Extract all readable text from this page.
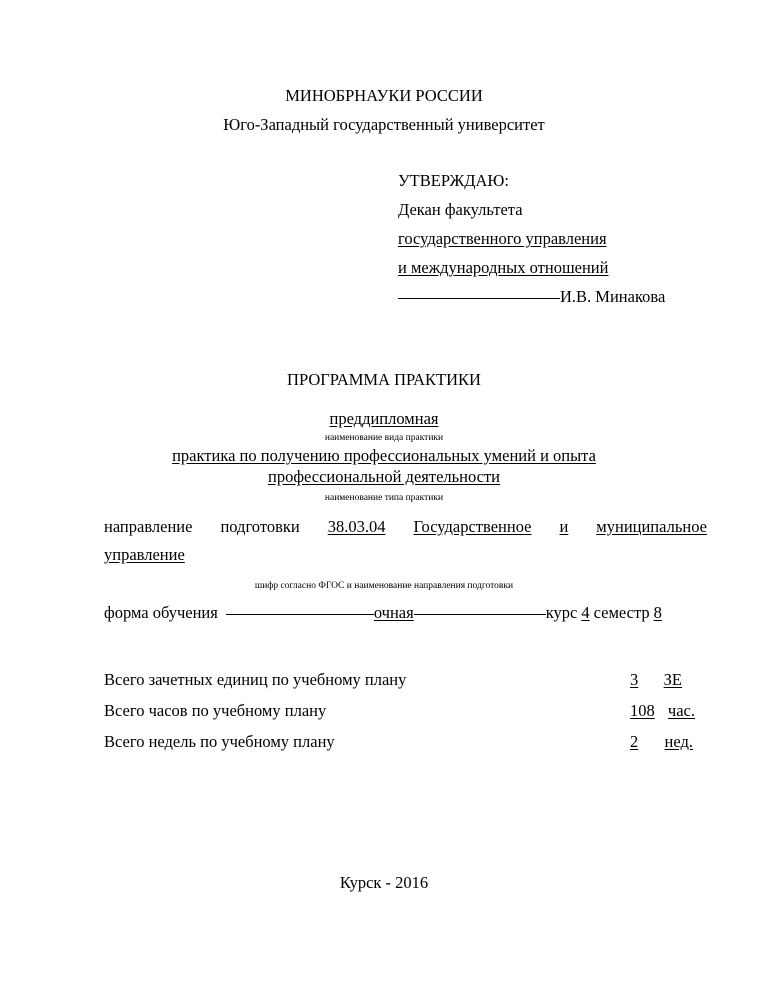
МИНОБРНАУКИ РОССИИ
Юго-Западный государственный университет
УТВЕРЖДАЮ:
Декан факультета
государственного управления
и международных отношений
И.В. Минакова
ПРОГРАММА ПРАКТИКИ
преддипломная
наименование вида практики
практика по получению профессиональных умений и опыта
профессиональной деятельности
наименование типа практики
направление подготовки 38.03.04 Государственное и муниципальное
управление
шифр согласно ФГОС и наименование направления подготовки
форма обучения	очная	курс 4 семестр 8
Всего зачетных единиц по учебному плану	3 ЗЕ
Всего часов по учебному плану	108 час.
Всего недель по учебному плану	2 нед.
Курск - 2016
